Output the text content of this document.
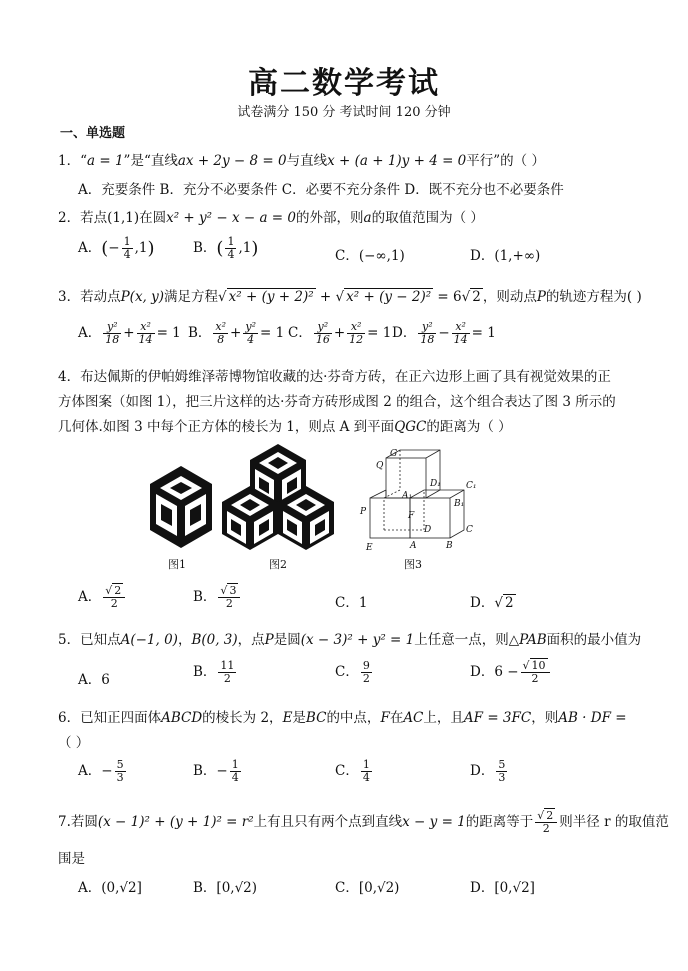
高二数学考试
试卷满分 150 分 考试时间 120 分钟
一、单选题
1．“a = 1”是“直线ax + 2y − 8 = 0与直线x + (a + 1)y + 4 = 0平行”的（ ）
A．充要条件 B．充分不必要条件 C．必要不充分条件 D．既不充分也不必要条件
2．若点(1,1)在圆x² + y² − x − a = 0的外部，则a的取值范围为（ ）
A．(− $\frac{1}{4} ,1$)	B．( $\frac{1}{4} ,1$)	C．(−∞,1)	D．(1,+∞)
3．若动点P(x, y)满足方程√ x² + (y + 2)² + √ x² + (y − 2)² = 6√ 2 ，则动点P的轨迹方程为( )
A． $\frac{\text{y²}}{18} + \frac{\text{x²}}{14} = 1$ B． $\frac{\text{x²}}{8} + \frac{\text{y²}}{4} = 1$ C． $\frac{\text{y²}}{16} + \frac{\text{x²}}{12} = 1$ D． $\frac{\text{y²}}{18} - \frac{\text{x²}}{14} = 1$
4．布达佩斯的伊帕姆维泽蒂博物馆收藏的达·芬奇方砖，在正六边形上画了具有视觉效果的正
方体图案（如图 1），把三片这样的达·芬奇方砖形成图 2 的组合，这个组合表达了图 3 所示的
几何体.如图 3 中每个正方体的棱长为 1，则点 A 到平面QGC的距离为（ ）
G
Q
D₁	C₁
A₁
B₁
F
P
D	C
E	A	B
图1	图2	图3
A． $\frac{√ 2}{2}$	B． $\frac{√ 3}{2}$	C．1	D．√ 2
5．已知点A(−1, 0)，B(0, 3)，点P是圆(x − 3)² + y² = 1上任意一点，则△PAB面积的最小值为
A．6	B． $\frac{11}{2}$	C． $\frac{9}{2}$	D．$6 - \frac{√ 10}{2}$
6．已知正四面体ABCD的棱长为 2，E是BC的中点，F在AC上，且AF = 3FC，则AB · DF =
（ ）
A．− $\frac{5}{3}$	B．− $\frac{1}{4}$	C． $\frac{1}{4}$	D． $\frac{5}{3}$
7.若圆(x − 1)² + (y + 1)² = r²上有且只有两个点到直线x − y = 1的距离等于 $\frac{√ 2}{2}$ 则半径 r 的取值范
围是
A．(0,√2]	B．[0,√2)	C．[0,√2)	D．[0,√2]
